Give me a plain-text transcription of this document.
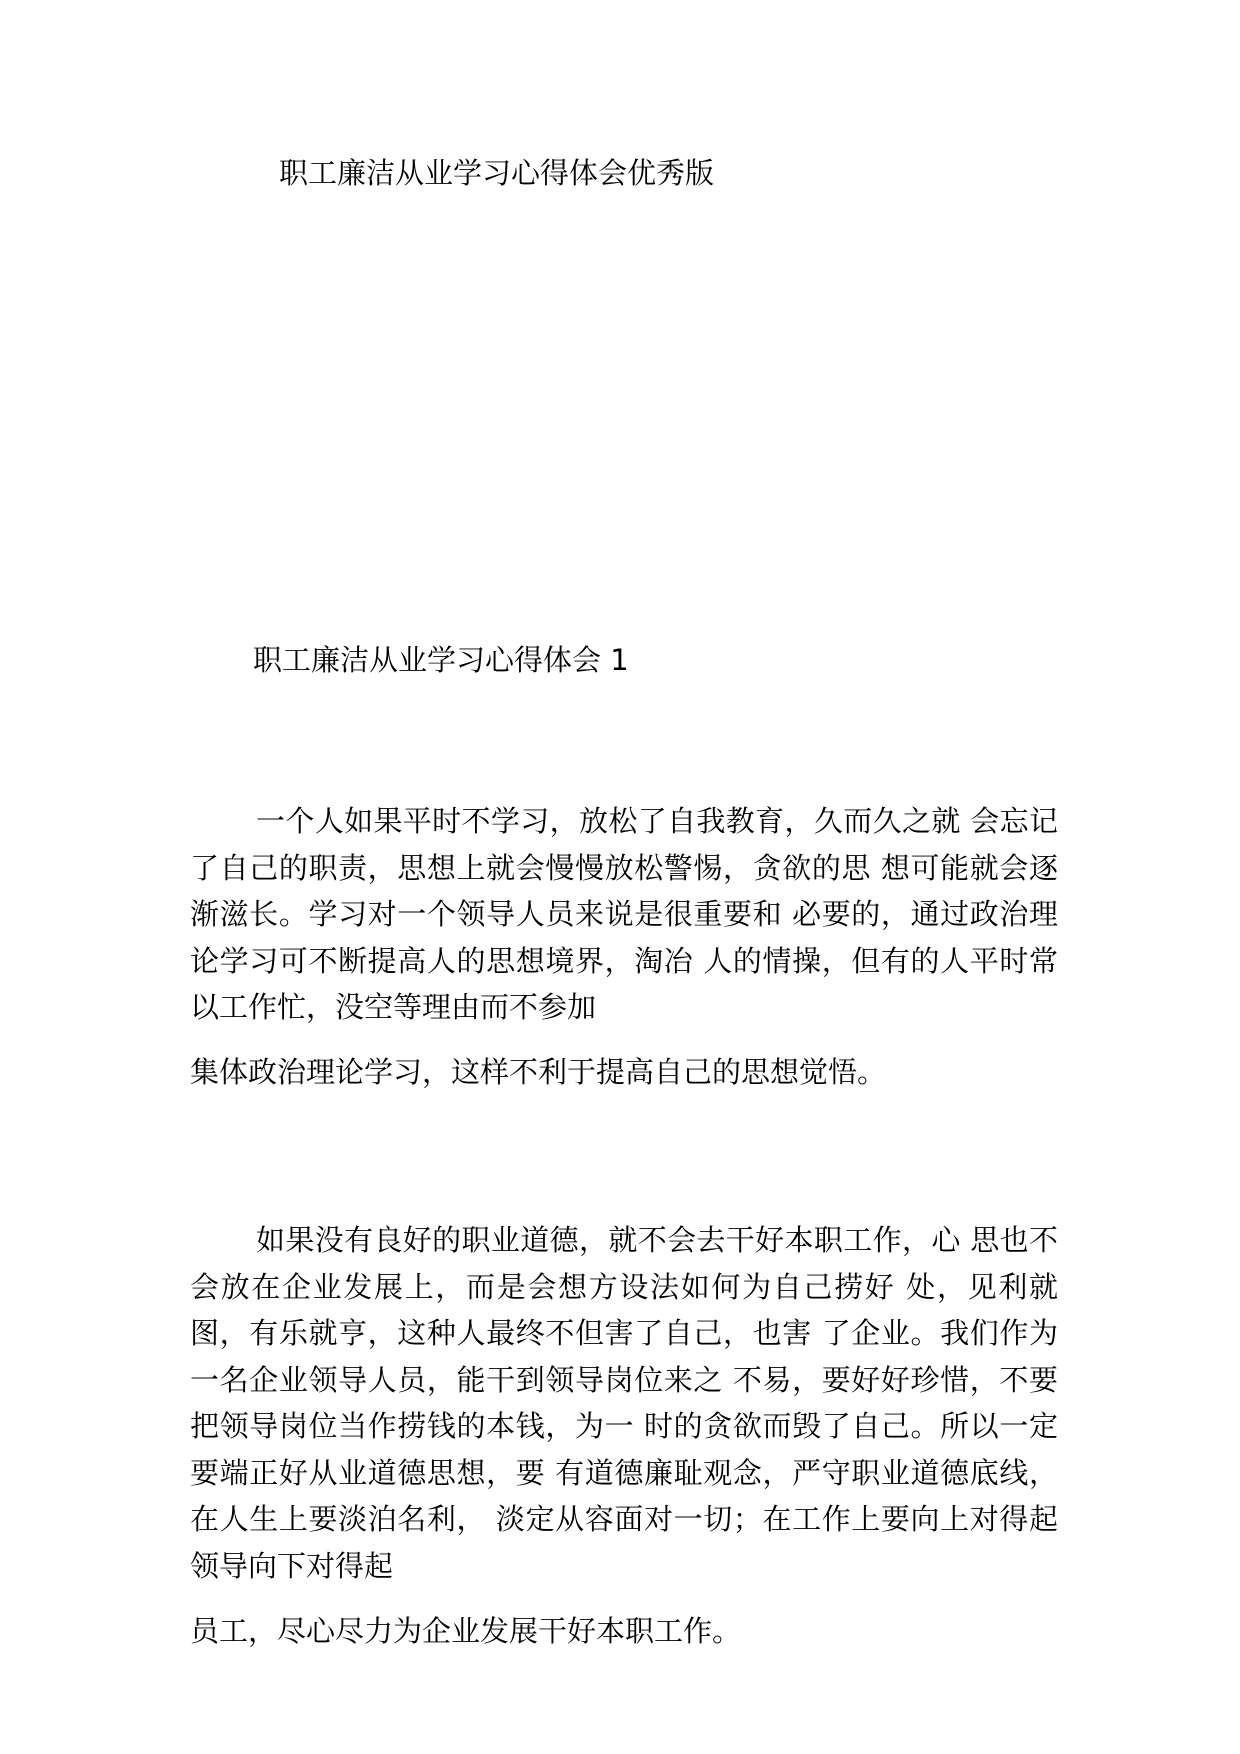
职工廉洁从业学习心得体会优秀版
职工廉洁从业学习心得体会 1

一个人如果平时不学习，放松了自我教育，久而久之就 会忘记了自己的职责，思想上就会慢慢放松警惕，贪欲的思 想可能就会逐渐滋长。学习对一个领导人员来说是很重要和 必要的，通过政治理论学习可不断提高人的思想境界，淘冶 人的情操，但有的人平时常以工作忙，没空等理由而不参加

集体政治理论学习，这样不利于提高自己的思想觉悟。

如果没有良好的职业道德，就不会去干好本职工作，心 思也不会放在企业发展上，而是会想方设法如何为自己捞好 处，见利就图，有乐就亨，这种人最终不但害了自己，也害 了企业。我们作为一名企业领导人员，能干到领导岗位来之 不易，要好好珍惜，不要把领导岗位当作捞钱的本钱，为一 时的贪欲而毁了自己。所以一定要端正好从业道德思想，要 有道德廉耻观念，严守职业道德底线，在人生上要淡泊名利， 淡定从容面对一切；在工作上要向上对得起领导向下对得起

员工，尽心尽力为企业发展干好本职工作。
